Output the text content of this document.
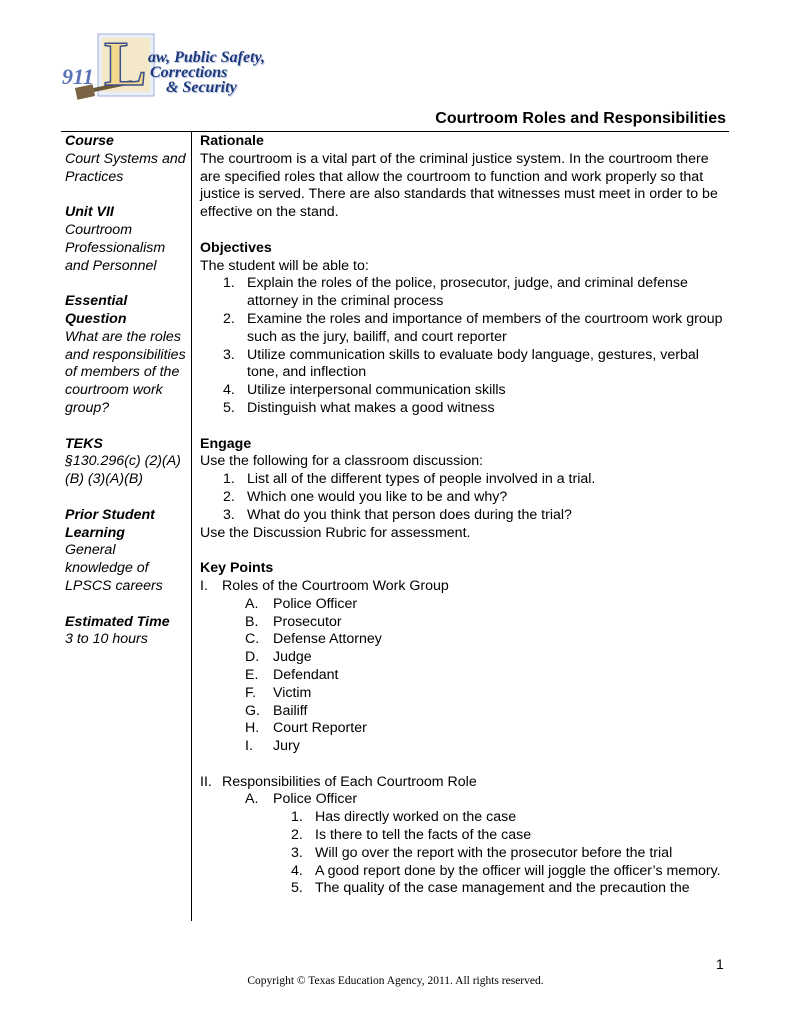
L
911
aw, Public Safety,
Corrections
& Security
Courtroom Roles and Responsibilities
Course
Court Systems and Practices
Unit VII
Courtroom Professionalism and Personnel
Essential Question
What are the roles and responsibilities of members of the courtroom work group?
TEKS
§130.296(c) (2)(A)(B) (3)(A)(B)
Prior Student Learning
General knowledge of LPSCS careers
Estimated Time
3 to 10 hours
Rationale
The courtroom is a vital part of the criminal justice system. In the courtroom there are specified roles that allow the courtroom to function and work properly so that justice is served. There are also standards that witnesses must meet in order to be effective on the stand.
Objectives
The student will be able to:
1. Explain the roles of the police, prosecutor, judge, and criminal defense attorney in the criminal process
2. Examine the roles and importance of members of the courtroom work group such as the jury, bailiff, and court reporter
3. Utilize communication skills to evaluate body language, gestures, verbal tone, and inflection
4. Utilize interpersonal communication skills
5. Distinguish what makes a good witness
Engage
Use the following for a classroom discussion:
1. List all of the different types of people involved in a trial.
2. Which one would you like to be and why?
3. What do you think that person does during the trial?
Use the Discussion Rubric for assessment.
Key Points
I. Roles of the Courtroom Work Group
A. Police Officer
B. Prosecutor
C. Defense Attorney
D. Judge
E. Defendant
F. Victim
G. Bailiff
H. Court Reporter
I. Jury
II. Responsibilities of Each Courtroom Role
A. Police Officer
1. Has directly worked on the case
2. Is there to tell the facts of the case
3. Will go over the report with the prosecutor before the trial
4. A good report done by the officer will joggle the officer’s memory.
5. The quality of the case management and the precaution the
1
Copyright © Texas Education Agency, 2011. All rights reserved.
